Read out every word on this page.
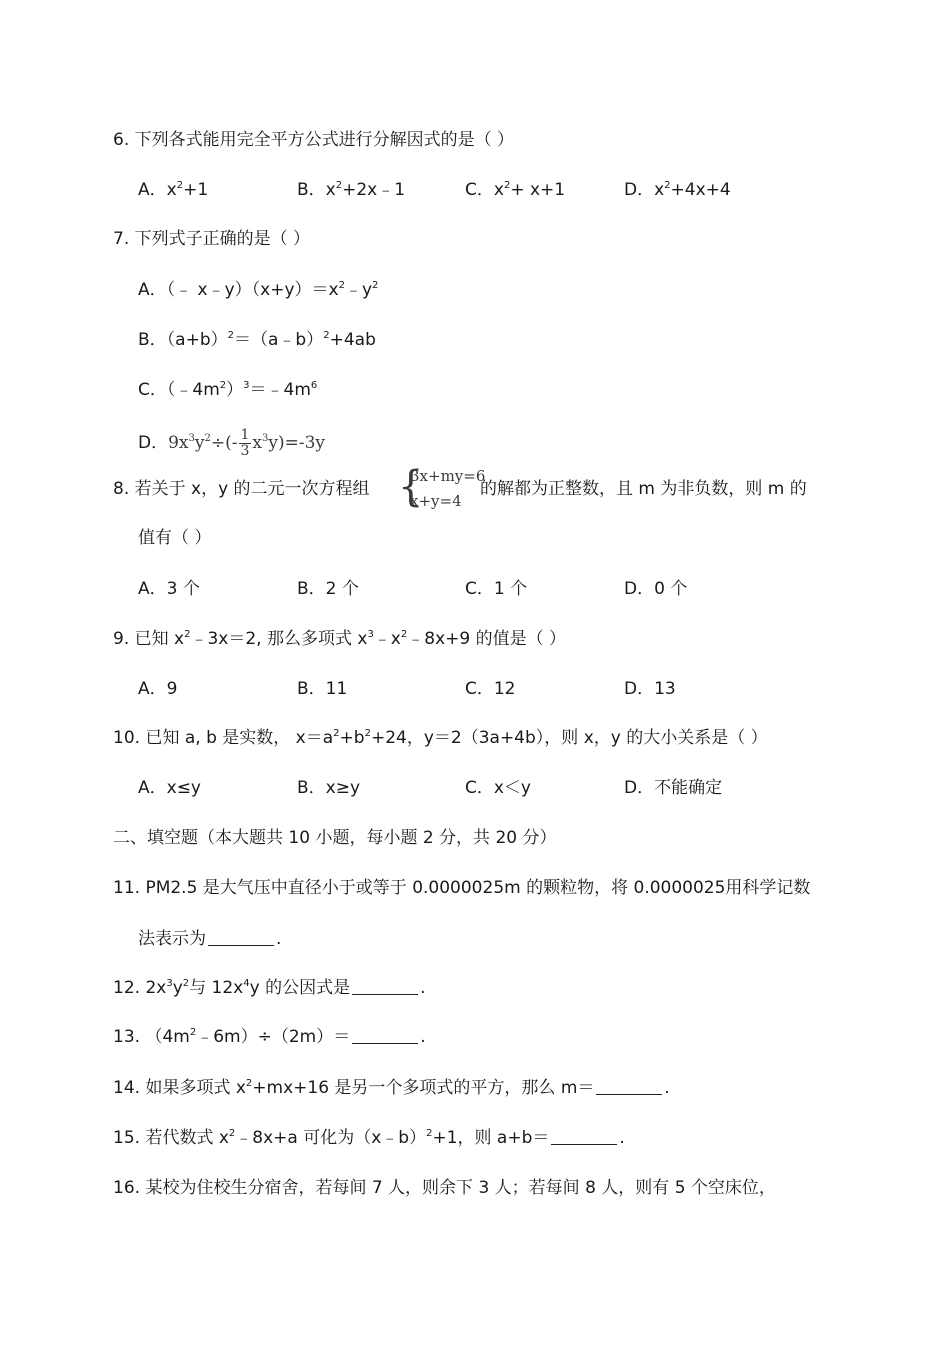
6. 下列各式能用完全平方公式进行分解因式的是（ ）
A．$x^2+1$	B．$x^2+2x﹣1$	C．$x^2+ x+1$	D．$x^2+4x+4$
7. 下列式子正确的是（ ）
A．（﹣ $x﹣y)(x+y)=x^2﹣y^2$
B．$(a+b)^2=(a﹣b)^2+4ab$
C．$(﹣4m^2)^3=﹣4m^6$
D．$9x^3y^2\div(- \frac{1}{3} x^3y)=-3y$
8. 若关于 x，y 的二元一次方程组 {
3x+my=6
x+y=4
的解都为正整数，且 m 为非负数，则 m 的
值有（ ）
A．3 个	B．2 个	C．1 个	D．0 个
9. 已知 $x^2﹣3x=2$, 那么多项式 $x^3﹣x^2﹣8x+9$ 的值是（ ）
A．9	B．11	C．12	D．13
10. 已知 a, b 是实数， $x=a^2+b^2+24$，y＝2（3a+4b），则 x，y 的大小关系是（ ）
A．x≤y	B．x≥y	C．x＜y	D．不能确定
二、填空题（本大题共 10 小题，每小题 2 分，共 20 分）
11. PM2.5 是大气压中直径小于或等于 0.0000025m 的颗粒物，将 0.0000025用科学记数
法表示为	.
12. $2x^3y^2$与 $12x^4y$ 的公因式是	.
13. $(4m^2﹣6m)\div(2m)=$	.
14. 如果多项式 $x^2+mx+16$ 是另一个多项式的平方，那么 m＝	.
15. 若代数式 $x^2﹣8x+a$ 可化为（x﹣b）$^2$+1，则 a+b＝	.
16. 某校为住校生分宿舍，若每间 7 人，则余下 3 人；若每间 8 人，则有 5 个空床位，
